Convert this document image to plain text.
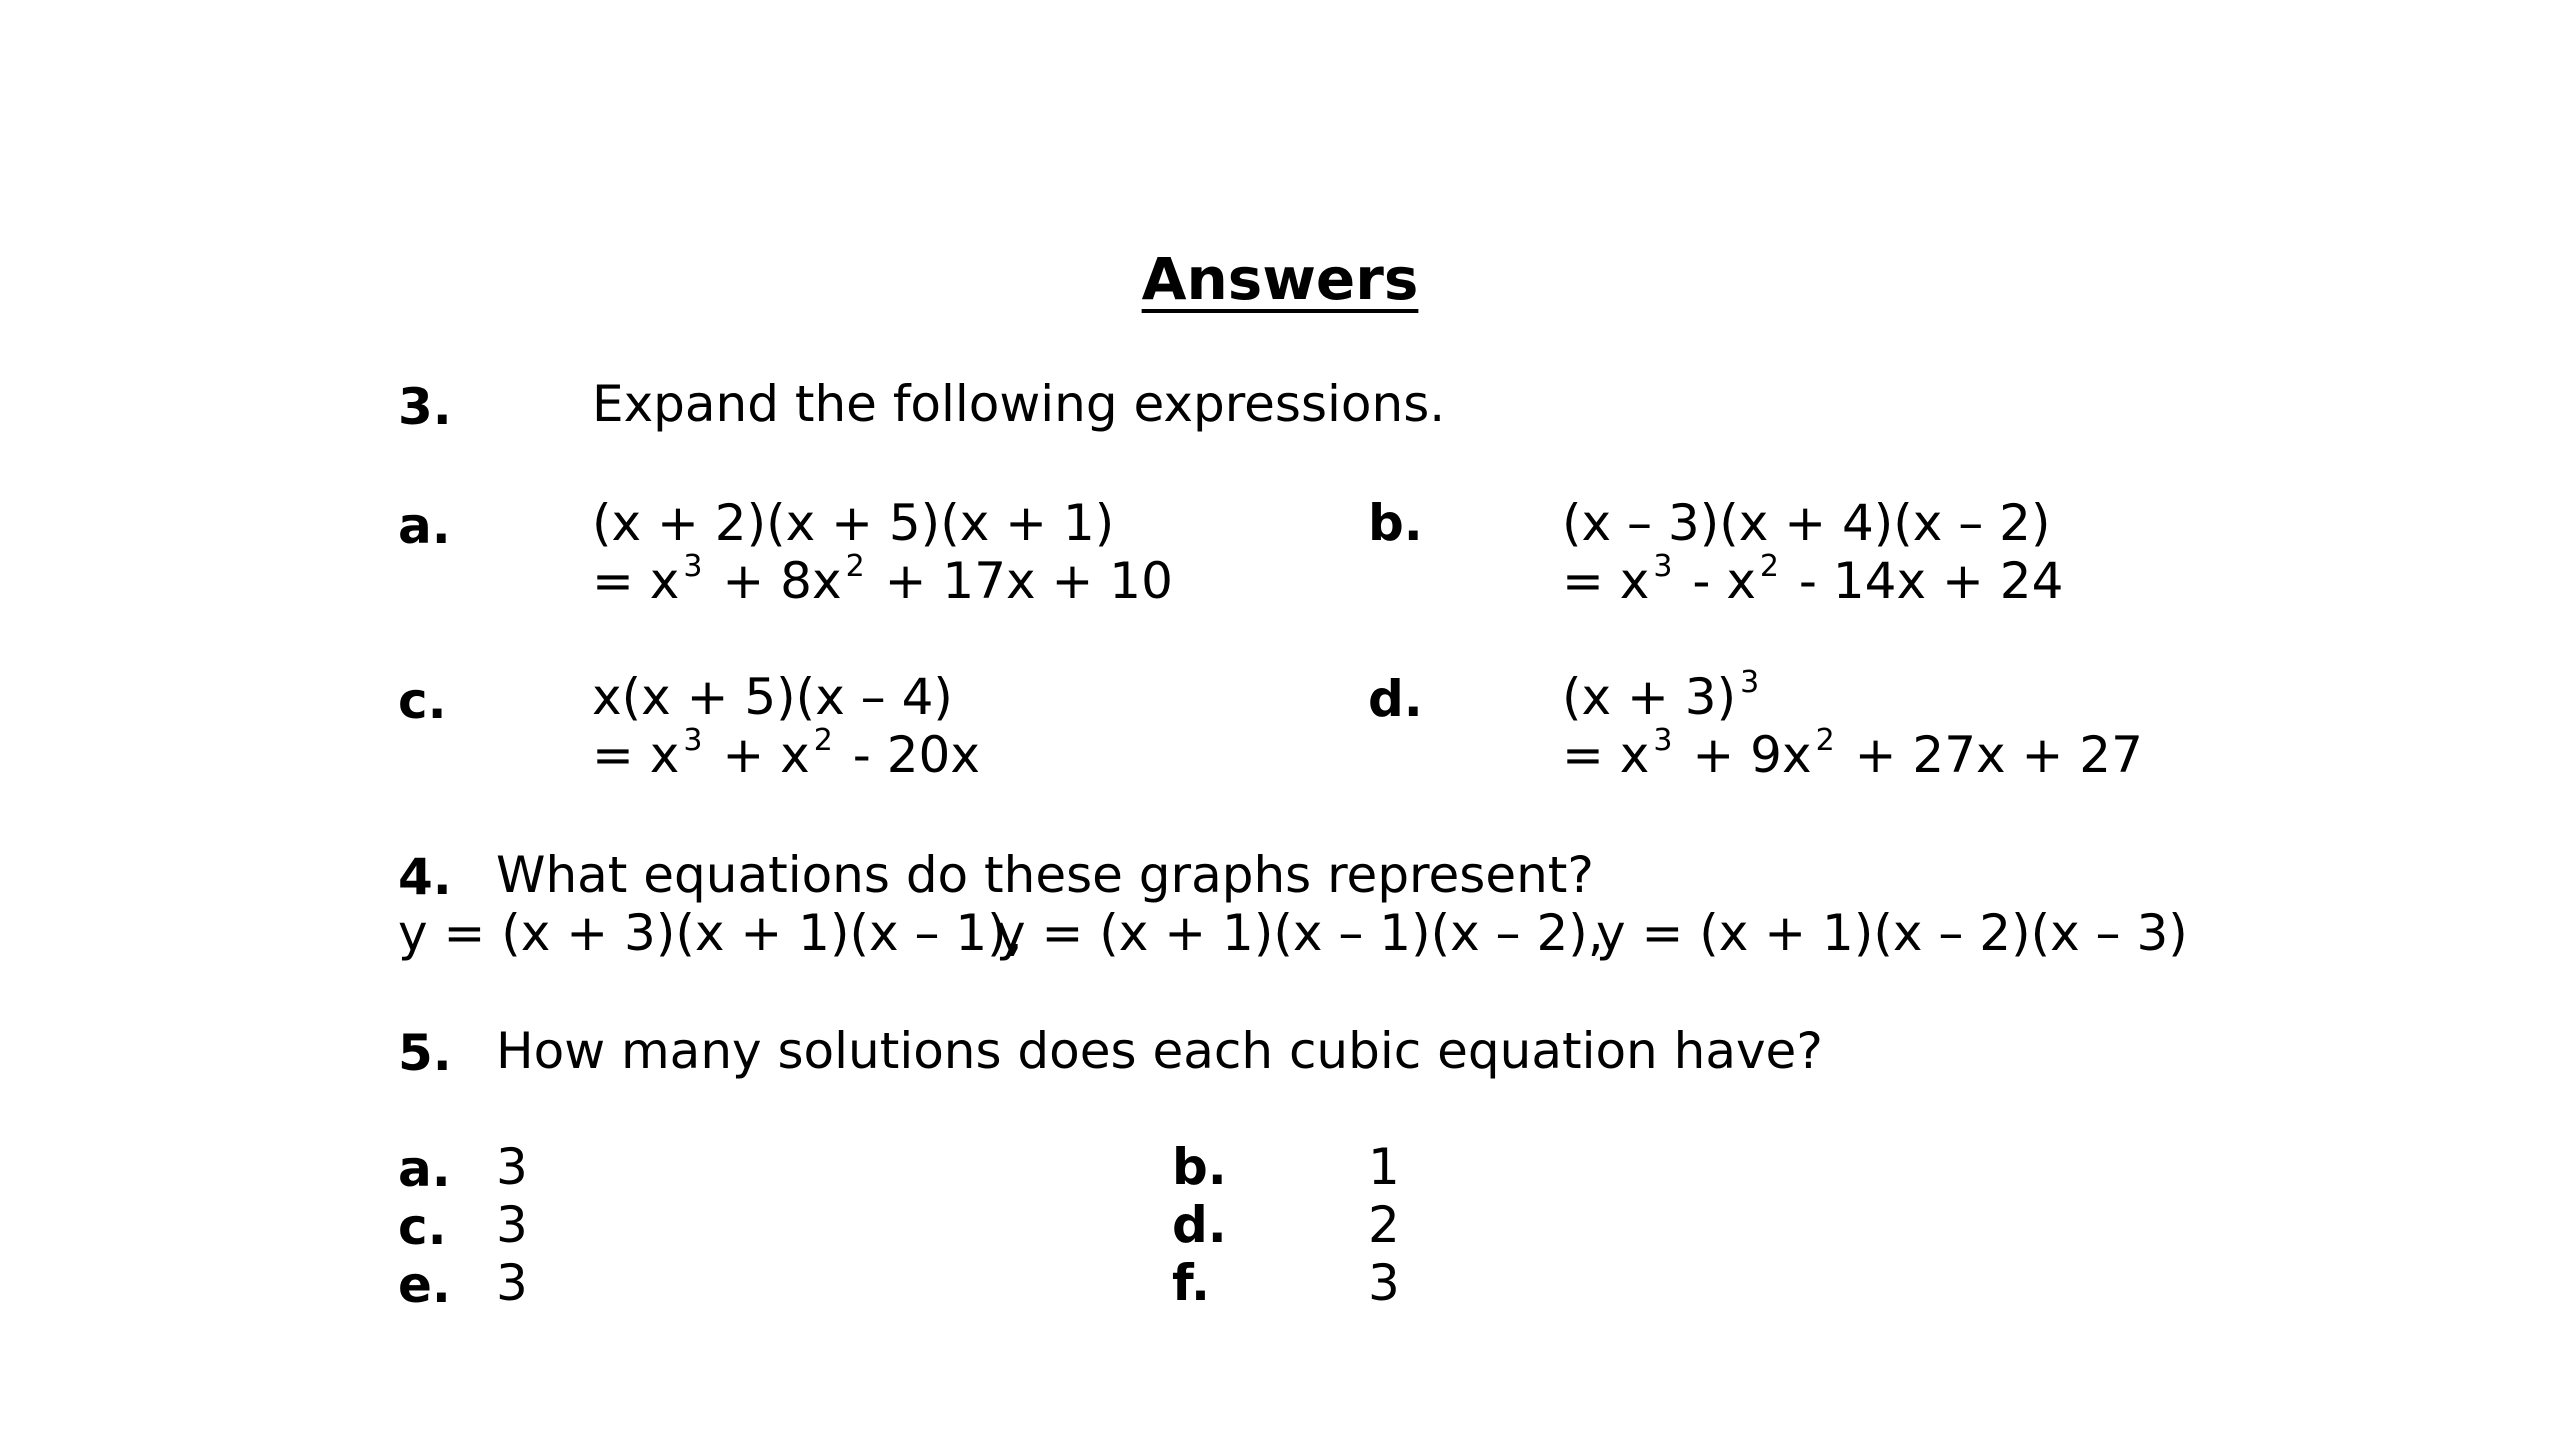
Answers
3.	Expand the following expressions.
a.	(x + 2)(x + 5)(x + 1)
= x $^3$ + 8x $^2$ + 17x + 10
b.	(x – 3)(x + 4)(x – 2)
= x $^3$ - x $^2$ - 14x + 24
c.	x(x + 5)(x – 4)
= x $^3$ + x $^2$ - 20x
d.	(x + 3) $^3$
= x $^3$ + 9x $^2$ + 27x + 27
4. What equations do these graphs represent?
y = (x + 3)(x + 1)(x – 1),
y = (x + 1)(x – 1)(x – 2),
y = (x + 1)(x – 2)(x – 3)
5. How many solutions does each cubic equation have?
a. 3	b.	1
c. 3	d.	2
e. 3	f.	3
